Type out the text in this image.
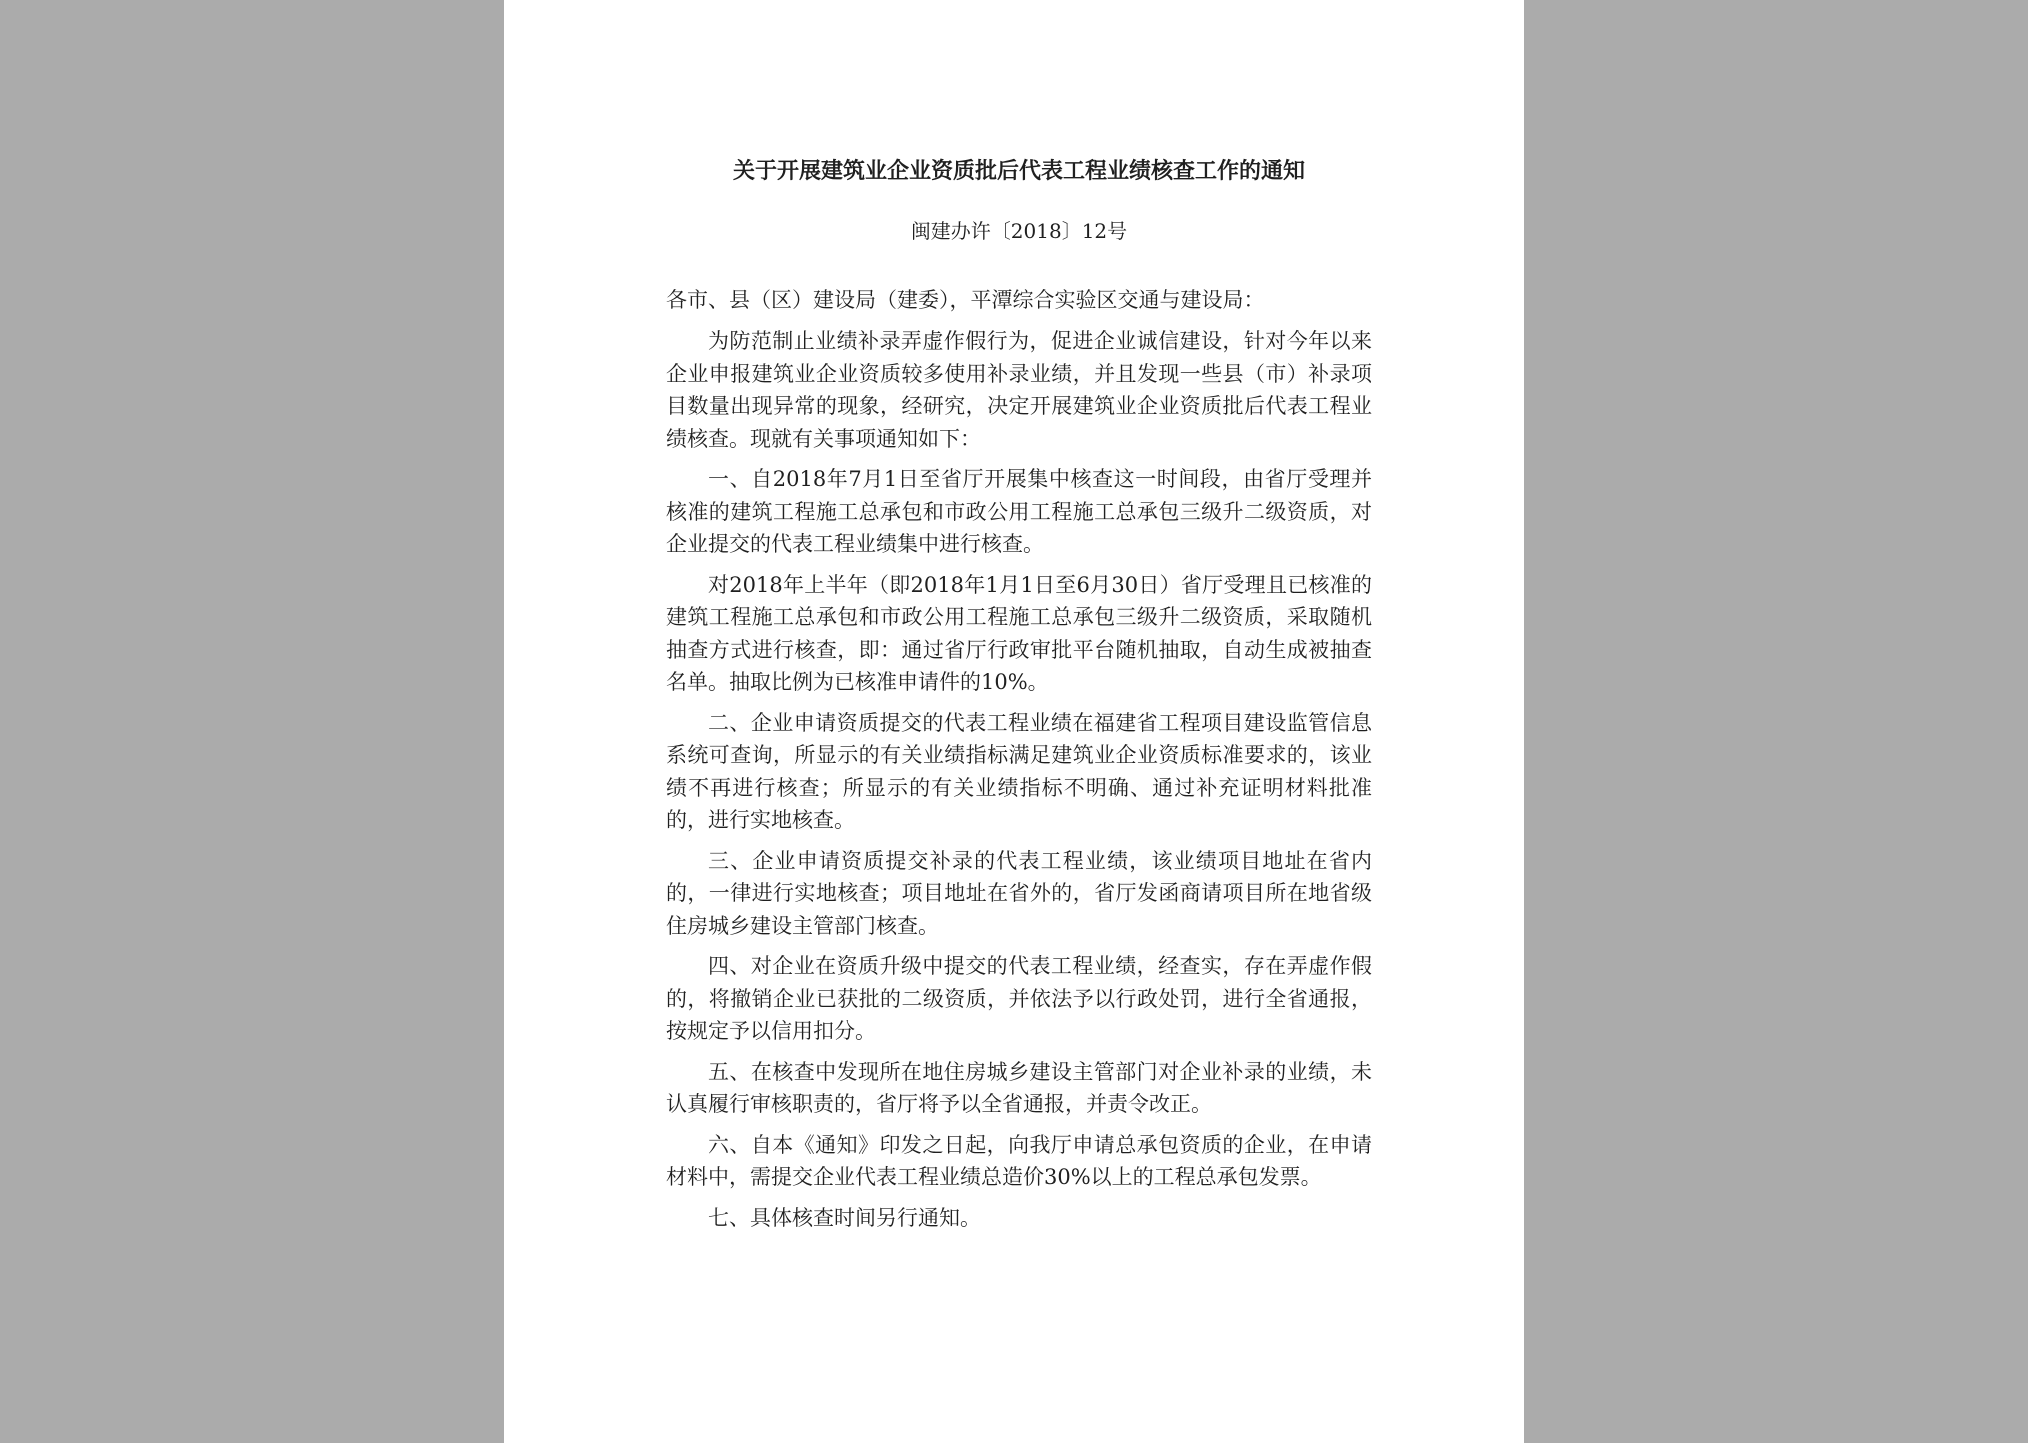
关于开展建筑业企业资质批后代表工程业绩核查工作的通知

闽建办许〔2018〕12号

各市、县（区）建设局（建委），平潭综合实验区交通与建设局：

为防范制止业绩补录弄虚作假行为，促进企业诚信建设，针对今年以来企业申报建筑业企业资质较多使用补录业绩，并且发现一些县（市）补录项目数量出现异常的现象，经研究，决定开展建筑业企业资质批后代表工程业绩核查。现就有关事项通知如下：

一、自2018年7月1日至省厅开展集中核查这一时间段，由省厅受理并核准的建筑工程施工总承包和市政公用工程施工总承包三级升二级资质，对企业提交的代表工程业绩集中进行核查。

对2018年上半年（即2018年1月1日至6月30日）省厅受理且已核准的建筑工程施工总承包和市政公用工程施工总承包三级升二级资质，采取随机抽查方式进行核查，即：通过省厅行政审批平台随机抽取，自动生成被抽查名单。抽取比例为已核准申请件的10%。

二、企业申请资质提交的代表工程业绩在福建省工程项目建设监管信息系统可查询，所显示的有关业绩指标满足建筑业企业资质标准要求的，该业绩不再进行核查；所显示的有关业绩指标不明确、通过补充证明材料批准的，进行实地核查。

三、企业申请资质提交补录的代表工程业绩，该业绩项目地址在省内的，一律进行实地核查；项目地址在省外的，省厅发函商请项目所在地省级住房城乡建设主管部门核查。

四、对企业在资质升级中提交的代表工程业绩，经查实，存在弄虚作假的，将撤销企业已获批的二级资质，并依法予以行政处罚，进行全省通报，按规定予以信用扣分。

五、在核查中发现所在地住房城乡建设主管部门对企业补录的业绩，未认真履行审核职责的，省厅将予以全省通报，并责令改正。

六、自本《通知》印发之日起，向我厅申请总承包资质的企业，在申请材料中，需提交企业代表工程业绩总造价30%以上的工程总承包发票。

七、具体核查时间另行通知。
